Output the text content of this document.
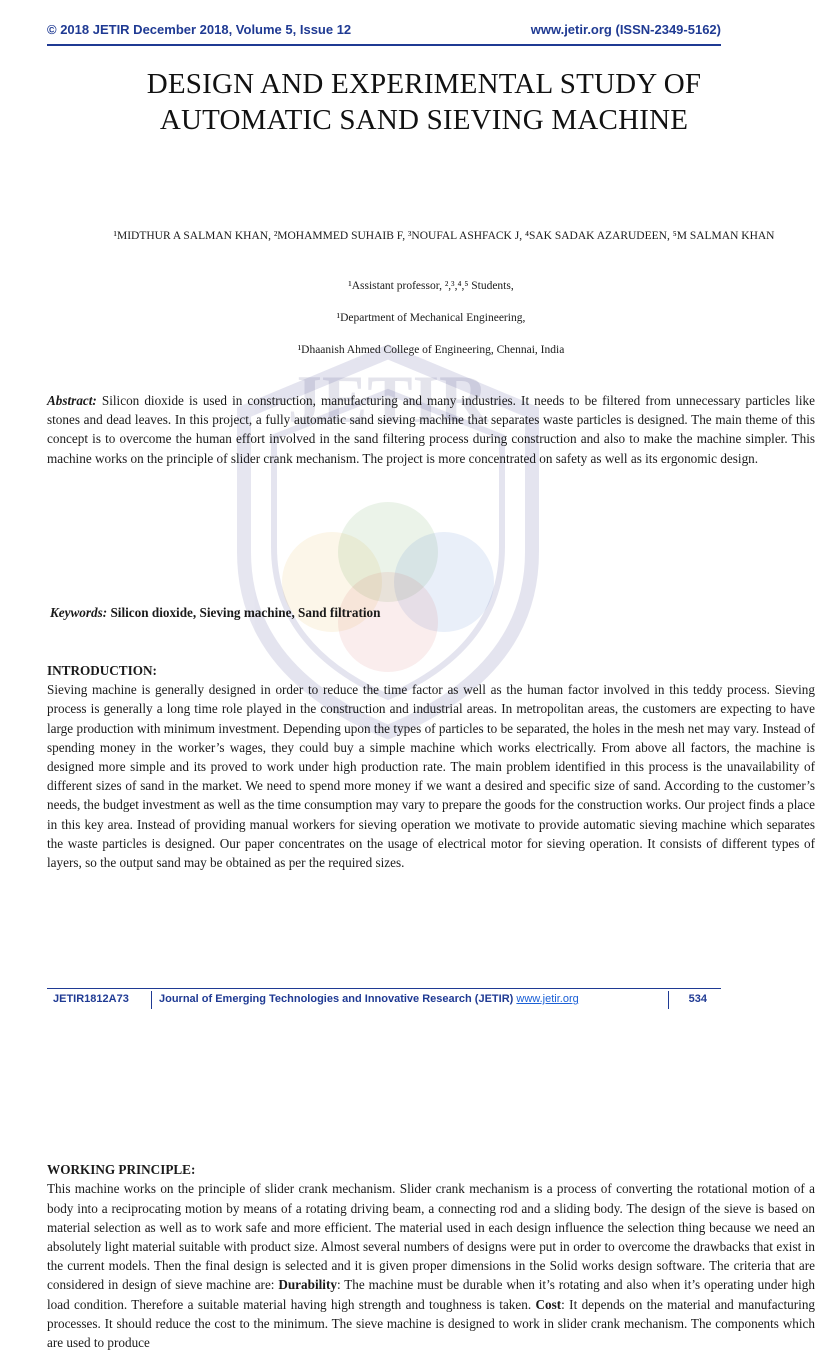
© 2018 JETIR December 2018, Volume 5, Issue 12	www.jetir.org (ISSN-2349-5162)
JETIR
DESIGN AND EXPERIMENTAL STUDY OF
AUTOMATIC SAND SIEVING MACHINE
¹MIDTHUR A SALMAN KHAN, ²MOHAMMED SUHAIB F, ³NOUFAL ASHFACK J, ⁴SAK SADAK AZARUDEEN, ⁵M SALMAN KHAN
¹Assistant professor, ²,³,⁴,⁵ Students,
¹Department of Mechanical Engineering,
¹Dhaanish Ahmed College of Engineering, Chennai, India

Abstract: Silicon dioxide is used in construction, manufacturing and many industries. It needs to be filtered from unnecessary particles like stones and dead leaves. In this project, a fully automatic sand sieving machine that separates waste particles is designed. The main theme of this concept is to overcome the human effort involved in the sand filtering process during construction and also to make the machine simpler. This machine works on the principle of slider crank mechanism. The project is more concentrated on safety as well as its ergonomic design.

Keywords: Silicon dioxide, Sieving machine, Sand filtration

INTRODUCTION:

Sieving machine is generally designed in order to reduce the time factor as well as the human factor involved in this teddy process. Sieving process is generally a long time role played in the construction and industrial areas. In metropolitan areas, the customers are expecting to have large production with minimum investment. Depending upon the types of particles to be separated, the holes in the mesh net may vary. Instead of spending money in the worker’s wages, they could buy a simple machine which works electrically. From above all factors, the machine is designed more simple and its proved to work under high production rate. The main problem identified in this process is the unavailability of different sizes of sand in the market. We need to spend more money if we want a desired and specific size of sand. According to the customer’s needs, the budget investment as well as the time consumption may vary to prepare the goods for the construction works. Our project finds a place in this key area. Instead of providing manual workers for sieving operation we motivate to provide automatic sieving machine which separates the waste particles is designed. Our paper concentrates on the usage of electrical motor for sieving operation. It consists of different types of layers, so the output sand may be obtained as per the required sizes.

WORKING PRINCIPLE:

This machine works on the principle of slider crank mechanism. Slider crank mechanism is a process of converting the rotational motion of a body into a reciprocating motion by means of a rotating driving beam, a connecting rod and a sliding body. The design of the sieve is based on material selection as well as to work safe and more efficient. The material used in each design influence the selection thing because we need an absolutely light material suitable with product size. Almost several numbers of designs were put in order to overcome the drawbacks that exist in the current models. Then the final design is selected and it is given proper dimensions in the Solid works design software. The criteria that are considered in design of sieve machine are: Durability: The machine must be durable when it’s rotating and also when it’s operating under high load condition. Therefore a suitable material having high strength and toughness is taken. Cost: It depends on the material and manufacturing processes. It should reduce the cost to the minimum. The sieve machine is designed to work in slider crank mechanism. The components which are used to produce

JETIR1812A73	Journal of Emerging Technologies and Innovative Research (JETIR) www.jetir.org	534
